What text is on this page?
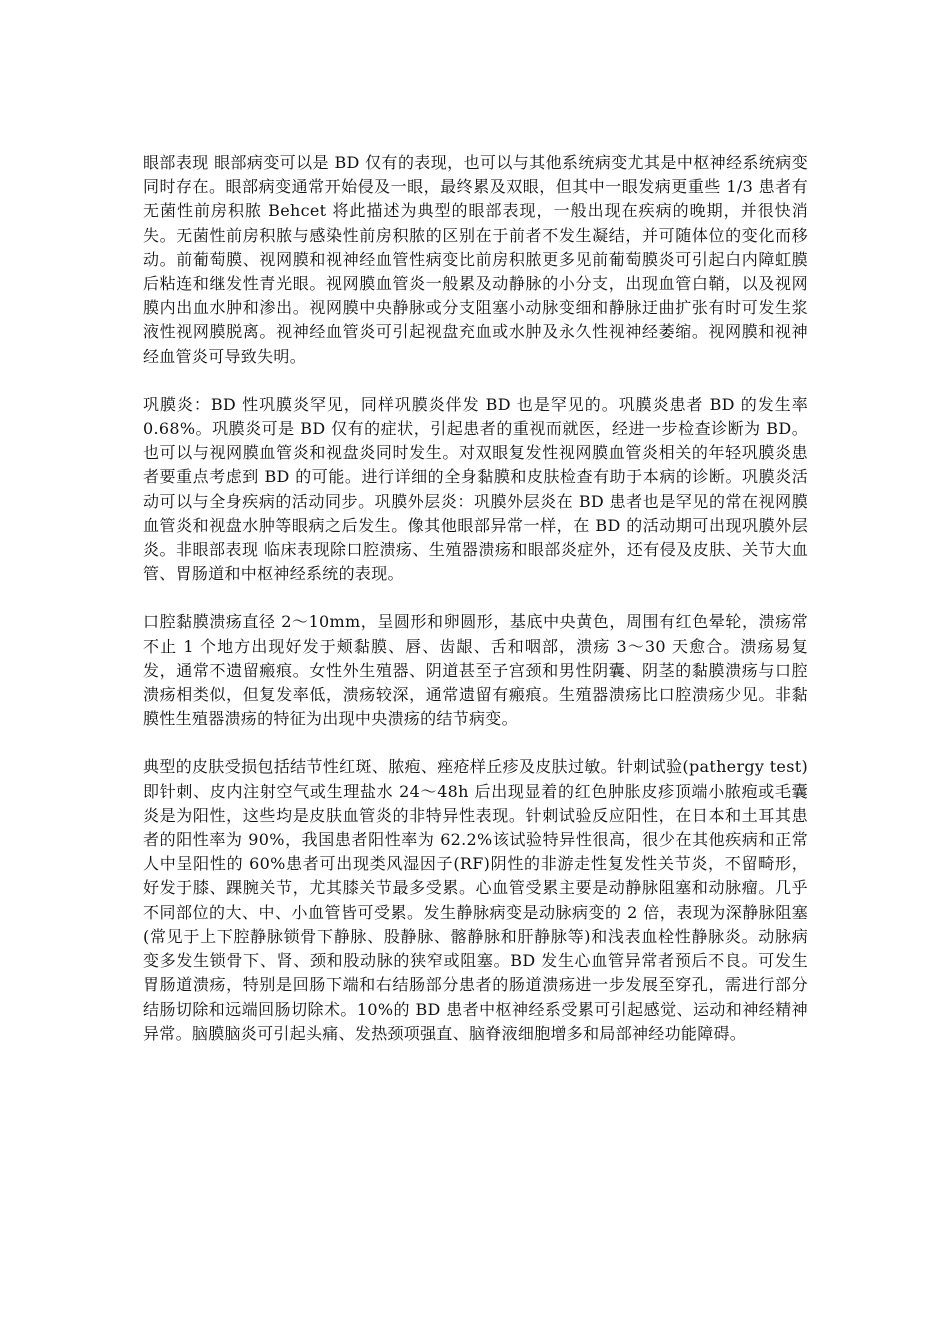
眼部表现 眼部病变可以是 BD 仅有的表现，也可以与其他系统病变尤其是中枢神经系统病变同时存在。眼部病变通常开始侵及一眼，最终累及双眼，但其中一眼发病更重些 1/3 患者有无菌性前房积脓 Behcet 将此描述为典型的眼部表现，一般出现在疾病的晚期，并很快消失。无菌性前房积脓与感染性前房积脓的区别在于前者不发生凝结，并可随体位的变化而移动。前葡萄膜、视网膜和视神经血管性病变比前房积脓更多见前葡萄膜炎可引起白内障虹膜后粘连和继发性青光眼。视网膜血管炎一般累及动静脉的小分支，出现血管白鞘，以及视网膜内出血水肿和渗出。视网膜中央静脉或分支阻塞小动脉变细和静脉迂曲扩张有时可发生浆液性视网膜脱离。视神经血管炎可引起视盘充血或水肿及永久性视神经萎缩。视网膜和视神经血管炎可导致失明。

巩膜炎：BD 性巩膜炎罕见，同样巩膜炎伴发 BD 也是罕见的。巩膜炎患者 BD 的发生率 0.68%。巩膜炎可是 BD 仅有的症状，引起患者的重视而就医，经进一步检查诊断为 BD。也可以与视网膜血管炎和视盘炎同时发生。对双眼复发性视网膜血管炎相关的年轻巩膜炎患者要重点考虑到 BD 的可能。进行详细的全身黏膜和皮肤检查有助于本病的诊断。巩膜炎活动可以与全身疾病的活动同步。巩膜外层炎：巩膜外层炎在 BD 患者也是罕见的常在视网膜血管炎和视盘水肿等眼病之后发生。像其他眼部异常一样，在 BD 的活动期可出现巩膜外层炎。非眼部表现 临床表现除口腔溃疡、生殖器溃疡和眼部炎症外，还有侵及皮肤、关节大血管、胃肠道和中枢神经系统的表现。

口腔黏膜溃疡直径 2～10mm，呈圆形和卵圆形，基底中央黄色，周围有红色晕轮，溃疡常不止 1 个地方出现好发于颊黏膜、唇、齿龈、舌和咽部，溃疡 3～30 天愈合。溃疡易复发，通常不遗留瘢痕。女性外生殖器、阴道甚至子宫颈和男性阴囊、阴茎的黏膜溃疡与口腔溃疡相类似，但复发率低，溃疡较深，通常遗留有瘢痕。生殖器溃疡比口腔溃疡少见。非黏膜性生殖器溃疡的特征为出现中央溃疡的结节病变。

典型的皮肤受损包括结节性红斑、脓疱、痤疮样丘疹及皮肤过敏。针刺试验(pathergy test)即针刺、皮内注射空气或生理盐水 24～48h 后出现显着的红色肿胀皮疹顶端小脓疱或毛囊炎是为阳性，这些均是皮肤血管炎的非特异性表现。针刺试验反应阳性，在日本和土耳其患者的阳性率为 90%，我国患者阳性率为 62.2%该试验特异性很高，很少在其他疾病和正常人中呈阳性的 60%患者可出现类风湿因子(RF)阴性的非游走性复发性关节炎，不留畸形，好发于膝、踝腕关节，尤其膝关节最多受累。心血管受累主要是动静脉阻塞和动脉瘤。几乎不同部位的大、中、小血管皆可受累。发生静脉病变是动脉病变的 2 倍，表现为深静脉阻塞(常见于上下腔静脉锁骨下静脉、股静脉、髂静脉和肝静脉等)和浅表血栓性静脉炎。动脉病变多发生锁骨下、肾、颈和股动脉的狭窄或阻塞。BD 发生心血管异常者预后不良。可发生胃肠道溃疡，特别是回肠下端和右结肠部分患者的肠道溃疡进一步发展至穿孔，需进行部分结肠切除和远端回肠切除术。10%的 BD 患者中枢神经系受累可引起感觉、运动和神经精神异常。脑膜脑炎可引起头痛、发热颈项强直、脑脊液细胞增多和局部神经功能障碍。
